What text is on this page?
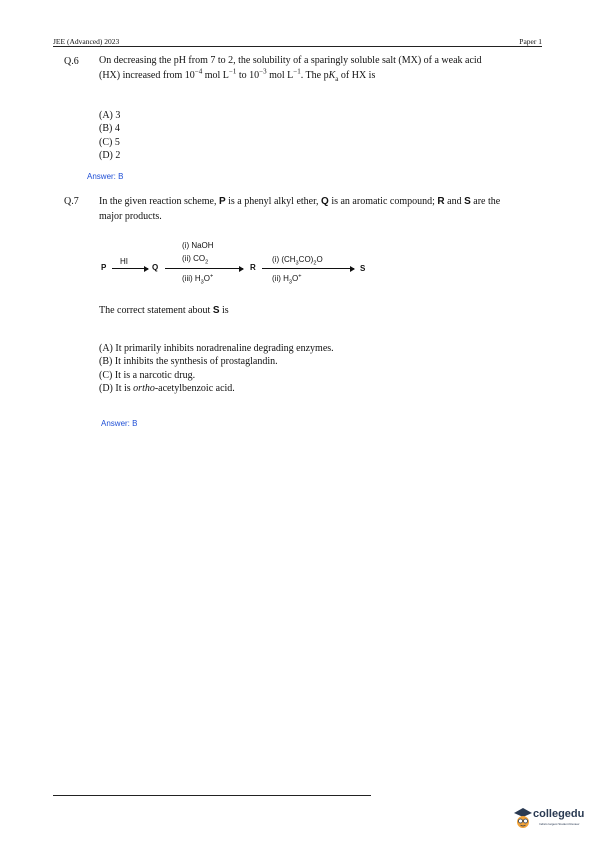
JEE (Advanced) 2023	Paper 1
Q.6 On decreasing the pH from 7 to 2, the solubility of a sparingly soluble salt (MX) of a weak acid
(HX) increased from $10^{-4}$ mol $L^{-1}$ to $10^{-3}$ mol $L^{-1}$. The $pK_a$ of HX is
(A) 3
(B) 4
(C) 5
(D) 2
Answer: B
Q.7 In the given reaction scheme, P is a phenyl alkyl ether, Q is an aromatic compound; R and S are the
major products.
P
HI
Q
(i) NaOH
(ii) $CO_2$
(iii) $H_3O^+$
R
(i) $(CH_3CO)_2O$
(ii) $H_3O^+$
S
The correct statement about S is
(A) It primarily inhibits noradrenaline degrading enzymes.
(B) It inhibits the synthesis of prostaglandin.
(C) It is a narcotic drug.
(D) It is ortho-acetylbenzoic acid.
Answer: B
collegedu
India's largest Student Review
